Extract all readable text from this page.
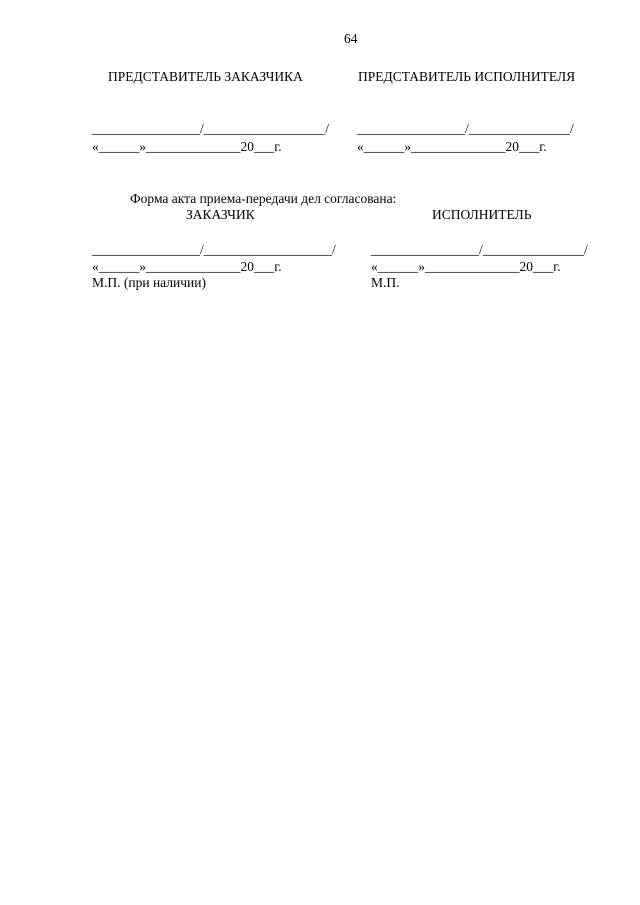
64
ПРЕДСТАВИТЕЛЬ ЗАКАЗЧИКА	ПРЕДСТАВИТЕЛЬ ИСПОЛНИТЕЛЯ
________________/__________________/ ________________/_______________/
«______»______________20___г.	«______»______________20___г.
Форма акта приема-передачи дел согласована:
ЗАКАЗЧИК	ИСПОЛНИТЕЛЬ
________________/___________________/	________________/_______________/
«______»______________20___г.	«______»______________20___г.
М.П. (при наличии)	М.П.
